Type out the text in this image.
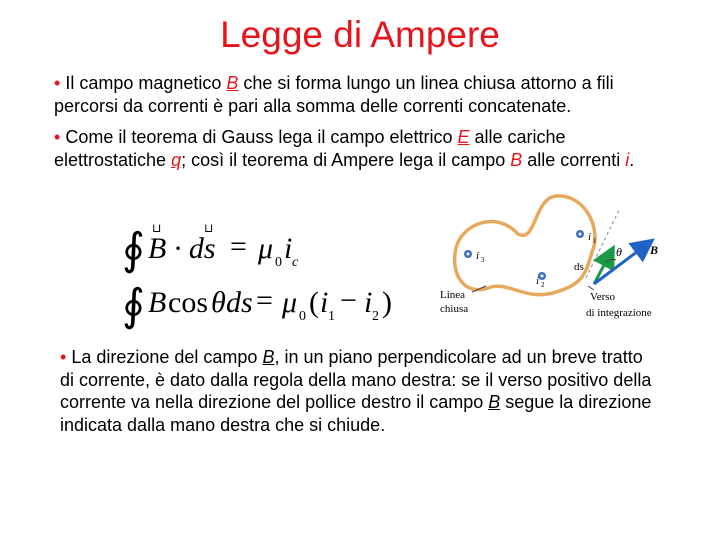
Legge di Ampere
• Il campo magnetico B che si forma lungo un linea chiusa attorno a fili percorsi da correnti è pari alla somma delle correnti concatenate.
• Come il teorema di Gauss lega il campo elettrico E alle cariche elettrostatiche q; così il teorema di Ampere lega il campo B alle correnti i.
∮ B · ds = μ 0 i c
⊔	⊔
∮ B cos θ ds = μ 0 ( i 1 − i 2 )
i 1
i 2
i 3
θ B
ds
Linea
chiusa
Verso
di integrazione
• La direzione del campo B, in un piano perpendicolare ad un breve tratto di corrente, è dato dalla regola della mano destra: se il verso positivo della corrente va nella direzione del pollice destro il campo B segue la direzione indicata dalla mano destra che si chiude.
